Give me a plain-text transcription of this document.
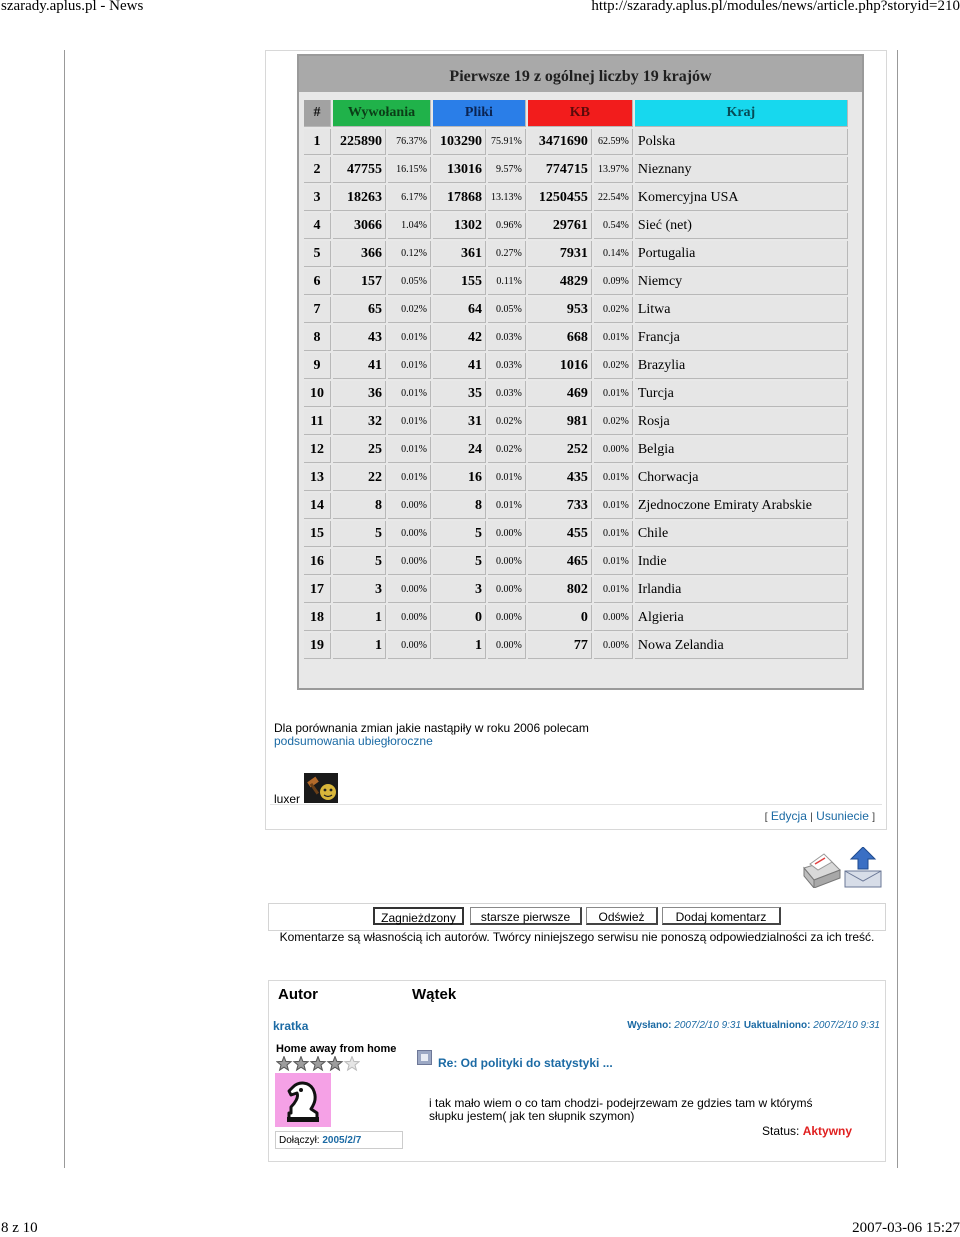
szarady.aplus.pl - News	http://szarady.aplus.pl/modules/news/article.php?storyid=210
8 z 10	2007-03-06 15:27
Pierwsze 19 z ogólnej liczby 19 krajów
#	Wywołania		Pliki		KB		Kraj
1	225890	76.37%	103290	75.91%	3471690	62.59%	Polska
2	47755	16.15%	13016	9.57%	774715	13.97%	Nieznany
3	18263	6.17%	17868	13.13%	1250455	22.54%	Komercyjna USA
4	3066	1.04%	1302	0.96%	29761	0.54%	Sieć (net)
5	366	0.12%	361	0.27%	7931	0.14%	Portugalia
6	157	0.05%	155	0.11%	4829	0.09%	Niemcy
7	65	0.02%	64	0.05%	953	0.02%	Litwa
8	43	0.01%	42	0.03%	668	0.01%	Francja
9	41	0.01%	41	0.03%	1016	0.02%	Brazylia
10	36	0.01%	35	0.03%	469	0.01%	Turcja
11	32	0.01%	31	0.02%	981	0.02%	Rosja
12	25	0.01%	24	0.02%	252	0.00%	Belgia
13	22	0.01%	16	0.01%	435	0.01%	Chorwacja
14	8	0.00%	8	0.01%	733	0.01%	Zjednoczone Emiraty Arabskie
15	5	0.00%	5	0.00%	455	0.01%	Chile
16	5	0.00%	5	0.00%	465	0.01%	Indie
17	3	0.00%	3	0.00%	802	0.01%	Irlandia
18	1	0.00%	0	0.00%	0	0.00%	Algieria
19	1	0.00%	1	0.00%	77	0.00%	Nowa Zelandia
Dla porównania zmian jakie nastąpiły w roku 2006 polecam
podsumowania ubiegłoroczne
luxer
[ Edycja | Usuniecie ]
Zagnieżdzony	starsze pierwsze	Odśwież	Dodaj komentarz
Komentarze są własnością ich autorów. Twórcy niniejszego serwisu nie ponoszą odpowiedzialności za ich treść.
Autor	Wątek
kratka	Wysłano: 2007/2/10 9:31 Uaktualniono: 2007/2/10 9:31
Home away from home
Dołączył: 2005/2/7
Re: Od polityki do statystyki ...
i tak mało wiem o co tam chodzi- podejrzewam ze gdzies tam w którymś słupku jestem( jak ten słupnik szymon)
Status: Aktywny
